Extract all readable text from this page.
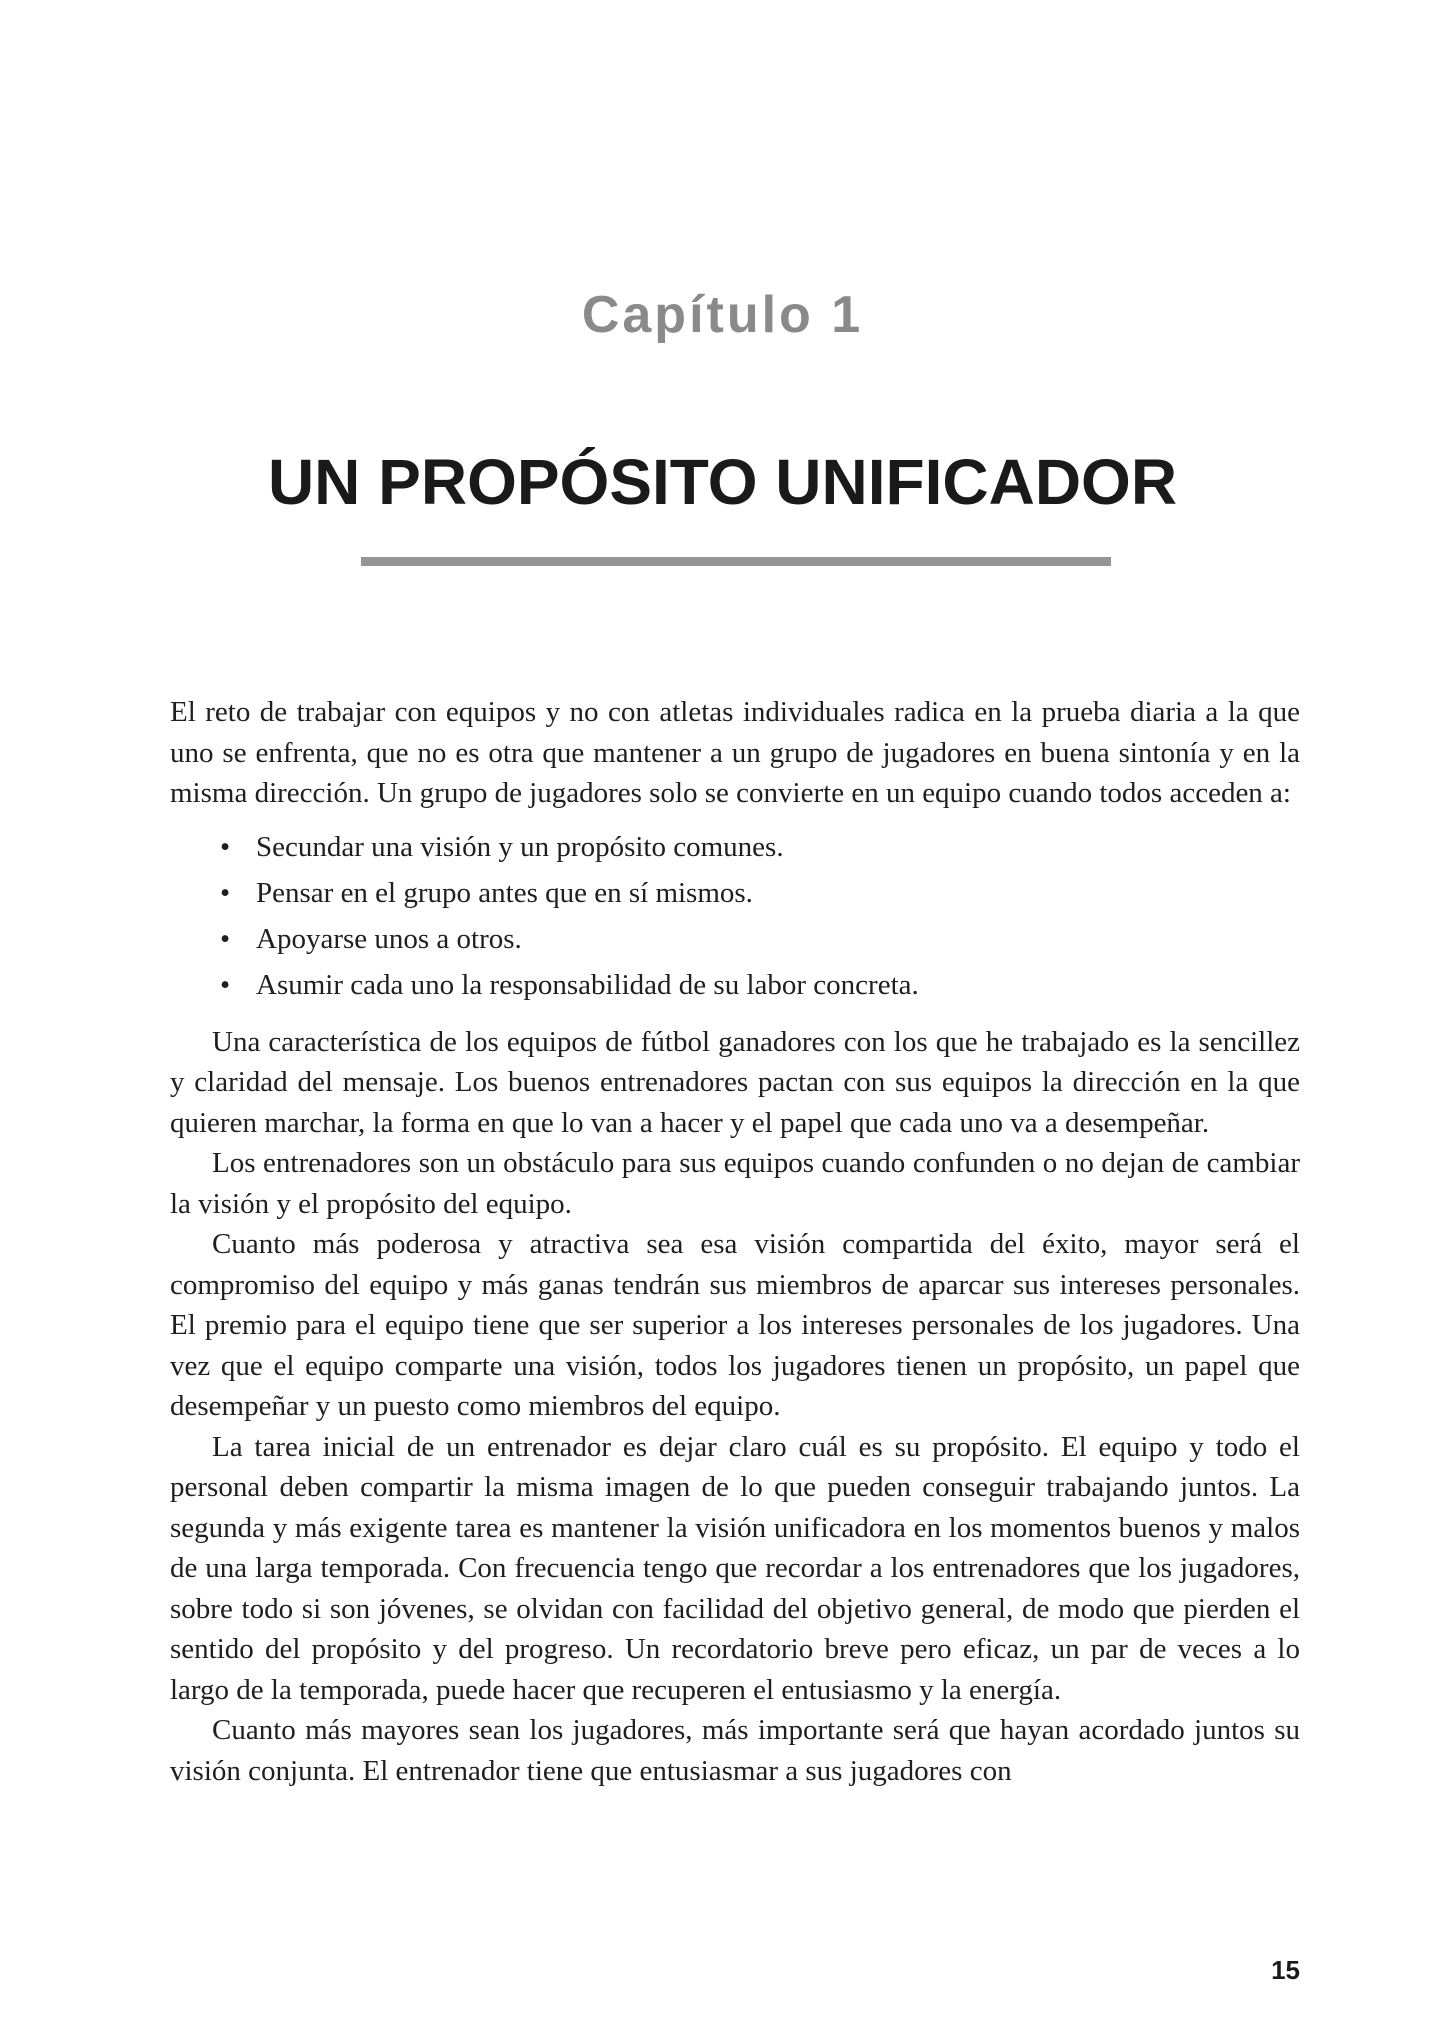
Capítulo 1
UN PROPÓSITO UNIFICADOR

El reto de trabajar con equipos y no con atletas individuales radica en la prueba diaria a la que uno se enfrenta, que no es otra que mantener a un grupo de jugadores en buena sintonía y en la misma dirección. Un grupo de jugadores solo se convierte en un equipo cuando todos acceden a:

• Secundar una visión y un propósito comunes.
• Pensar en el grupo antes que en sí mismos.
• Apoyarse unos a otros.
• Asumir cada uno la responsabilidad de su labor concreta.

Una característica de los equipos de fútbol ganadores con los que he trabajado es la sencillez y claridad del mensaje. Los buenos entrenadores pactan con sus equipos la dirección en la que quieren marchar, la forma en que lo van a hacer y el papel que cada uno va a desempeñar.

Los entrenadores son un obstáculo para sus equipos cuando confunden o no dejan de cambiar la visión y el propósito del equipo.

Cuanto más poderosa y atractiva sea esa visión compartida del éxito, mayor será el compromiso del equipo y más ganas tendrán sus miembros de aparcar sus intereses personales. El premio para el equipo tiene que ser superior a los intereses personales de los jugadores. Una vez que el equipo comparte una visión, todos los jugadores tienen un propósito, un papel que desempeñar y un puesto como miembros del equipo.

La tarea inicial de un entrenador es dejar claro cuál es su propósito. El equipo y todo el personal deben compartir la misma imagen de lo que pueden conseguir trabajando juntos. La segunda y más exigente tarea es mantener la visión unificadora en los momentos buenos y malos de una larga temporada. Con frecuencia tengo que recordar a los entrenadores que los jugadores, sobre todo si son jóvenes, se olvidan con facilidad del objetivo general, de modo que pierden el sentido del propósito y del progreso. Un recordatorio breve pero eficaz, un par de veces a lo largo de la temporada, puede hacer que recuperen el entusiasmo y la energía.

Cuanto más mayores sean los jugadores, más importante será que hayan acordado juntos su visión conjunta. El entrenador tiene que entusiasmar a sus jugadores con

15
